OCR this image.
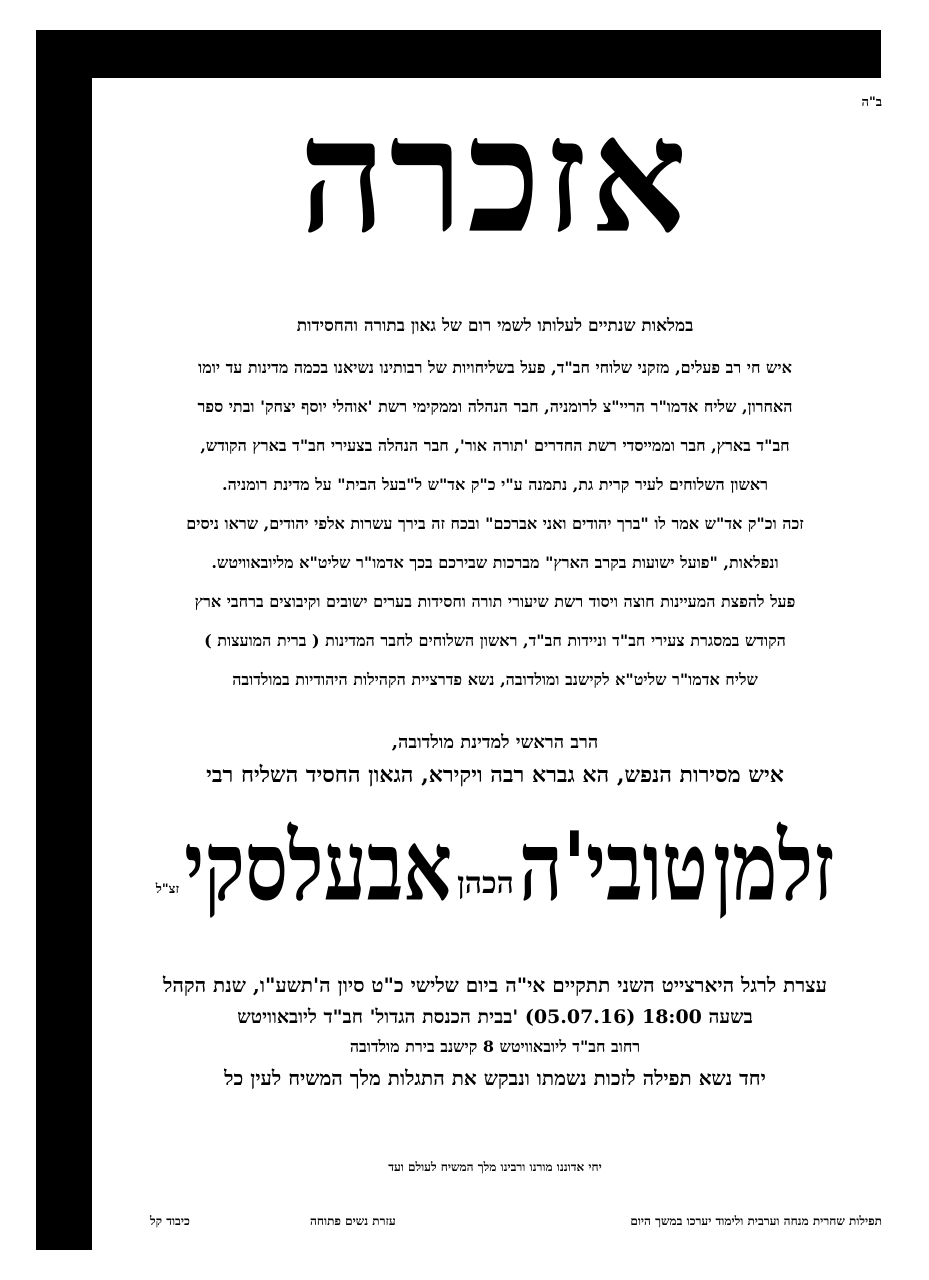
ב"ה
אזכרה
במלאות שנתיים לעלותו לשמי רום של גאון בתורה והחסידות
איש חי רב פעלים, מזקני שלוחי חב"ד, פעל בשליחויות של רבותינו נשיאנו בכמה מדינות עד יומו
האחרון, שליח אדמו"ר הריי"צ לרומניה, חבר הנהלה וממקימי רשת 'אוהלי יוסף יצחק' ובתי ספר
חב"ד בארץ, חבר וממייסדי רשת החדרים 'תורה אור', חבר הנהלה בצעירי חב"ד בארץ הקודש,
ראשון השלוחים לעיר קרית גת, נתמנה ע"י כ"ק אד"ש ל"בעל הבית" על מדינת רומניה.
זכה וכ"ק אד"ש אמר לו "ברך יהודים ואני אברכם" ובכח זה בירך עשרות אלפי יהודים, שראו ניסים
ונפלאות, "פועל ישועות בקרב הארץ" מברכות שבירכם בכך אדמו"ר שליט"א מליובאוויטש.
פעל להפצת המעיינות חוצה ויסוד רשת שיעורי תורה וחסידות בערים ישובים וקיבוצים ברחבי ארץ
הקודש במסגרת צעירי חב"ד וניידות חב"ד, ראשון השלוחים לחבר המדינות ( ברית המועצות )
שליח אדמו"ר שליט"א לקישנב ומולדובה, נשא פדרציית הקהילות היהודיות במולדובה
הרב הראשי למדינת מולדובה,
איש מסירות הנפש, הא גברא רבה ויקירא, הגאון החסיד השליח רבי
זלמן טובי'ה הכהן אבעלסקי זצ"ל
עצרת לרגל היארצייט השני תתקיים אי"ה ביום שלישי כ"ט סיון ה'תשע"ו, שנת הקהל
בשעה 18:00 (05.07.16) 'בבית הכנסת הגדול' חב"ד ליובאוויטש
רחוב חב"ד ליובאוויטש 8 קישנב בירת מולדובה
יחד נשא תפילה לזכות נשמתו ונבקש את התגלות מלך המשיח לעין כל
יחי אדוננו מורנו ורבינו מלך המשיח לעולם ועד
תפילות שחרית מנחה וערבית ולימוד יערכו במשך היום
עזרת נשים פתוחה
כיבוד קל
